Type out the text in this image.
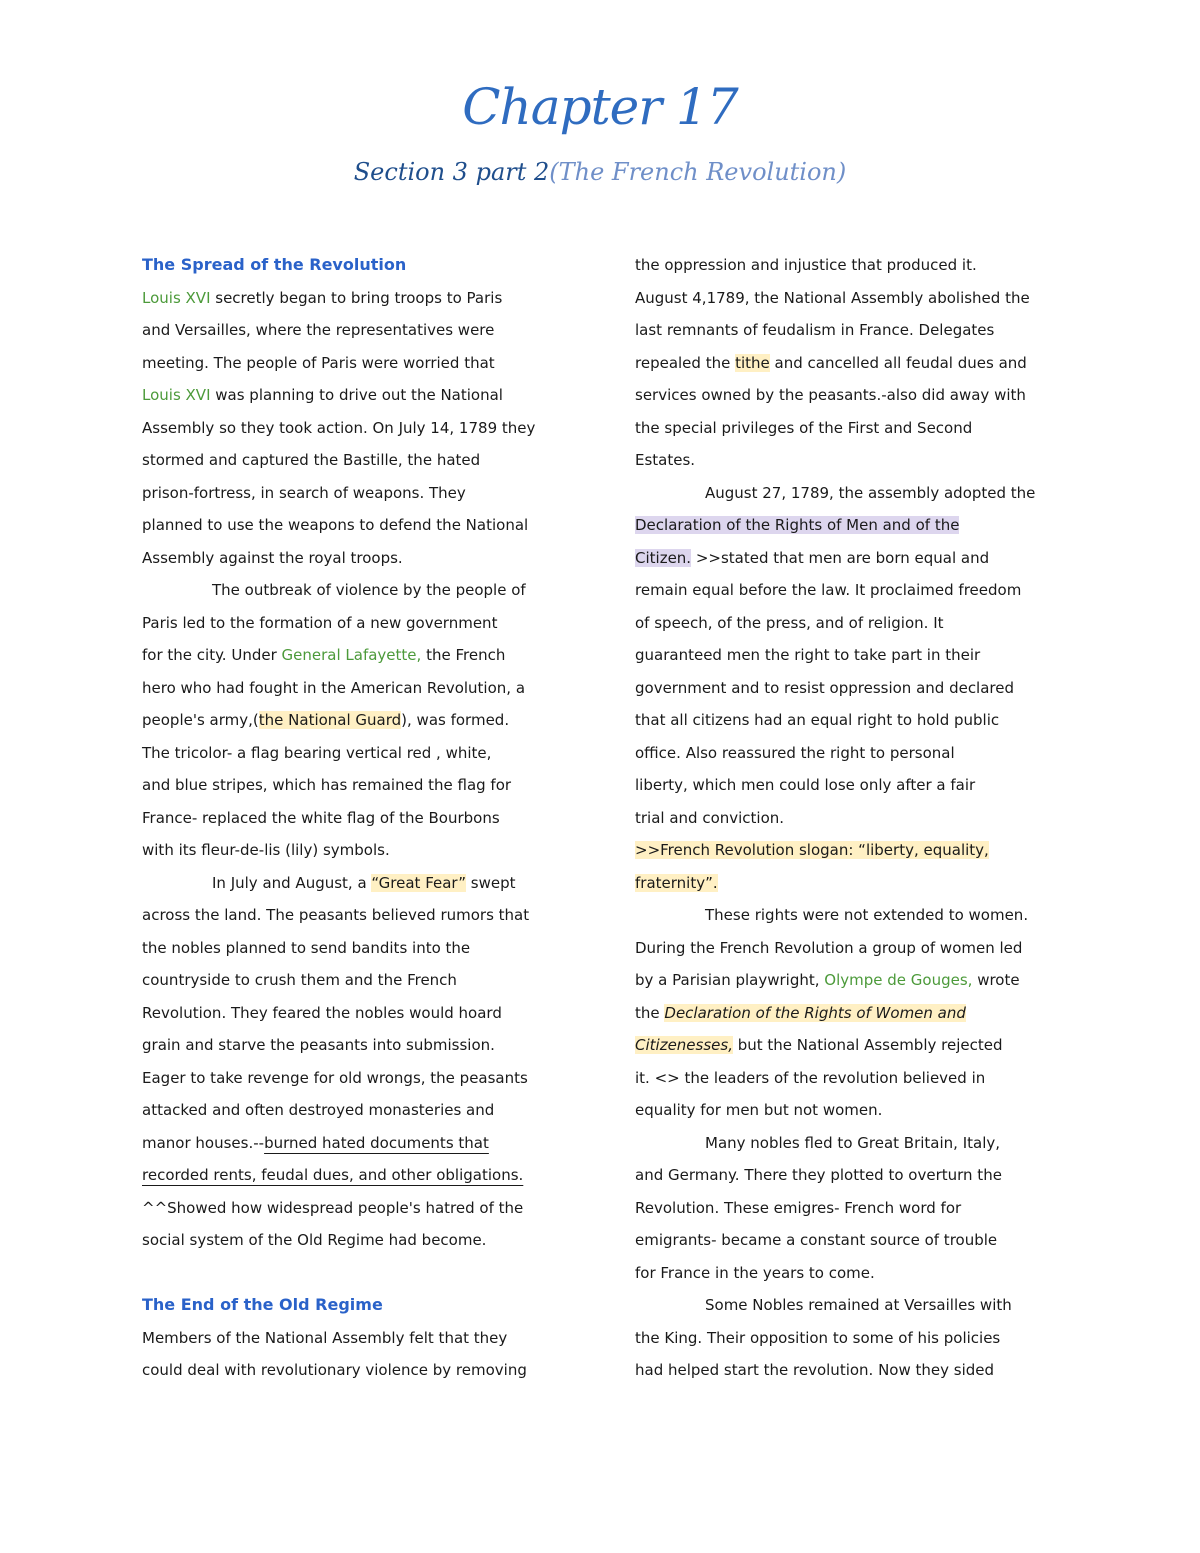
Chapter 17
Section 3 part 2(The French Revolution)
The Spread of the Revolution
Louis XVI secretly began to bring troops to Paris
and Versailles, where the representatives were
meeting. The people of Paris were worried that
Louis XVI was planning to drive out the National
Assembly so they took action. On July 14, 1789 they
stormed and captured the Bastille, the hated
prison-fortress, in search of weapons. They
planned to use the weapons to defend the National
Assembly against the royal troops.
The outbreak of violence by the people of
Paris led to the formation of a new government
for the city. Under General Lafayette, the French
hero who had fought in the American Revolution, a
people's army,(the National Guard), was formed.
The tricolor- a flag bearing vertical red , white,
and blue stripes, which has remained the flag for
France- replaced the white flag of the Bourbons
with its fleur-de-lis (lily) symbols.
In July and August, a “Great Fear” swept
across the land. The peasants believed rumors that
the nobles planned to send bandits into the
countryside to crush them and the French
Revolution. They feared the nobles would hoard
grain and starve the peasants into submission.
Eager to take revenge for old wrongs, the peasants
attacked and often destroyed monasteries and
manor houses.--burned hated documents that
recorded rents, feudal dues, and other obligations.
^^Showed how widespread people's hatred of the
social system of the Old Regime had become.
The End of the Old Regime
Members of the National Assembly felt that they
could deal with revolutionary violence by removing
the oppression and injustice that produced it.
August 4,1789, the National Assembly abolished the
last remnants of feudalism in France. Delegates
repealed the tithe and cancelled all feudal dues and
services owned by the peasants.-also did away with
the special privileges of the First and Second
Estates.
August 27, 1789, the assembly adopted the
Declaration of the Rights of Men and of the
Citizen. >>stated that men are born equal and
remain equal before the law. It proclaimed freedom
of speech, of the press, and of religion. It
guaranteed men the right to take part in their
government and to resist oppression and declared
that all citizens had an equal right to hold public
office. Also reassured the right to personal
liberty, which men could lose only after a fair
trial and conviction.
>>French Revolution slogan: “liberty, equality,
fraternity”.
These rights were not extended to women.
During the French Revolution a group of women led
by a Parisian playwright, Olympe de Gouges, wrote
the Declaration of the Rights of Women and
Citizenesses, but the National Assembly rejected
it. <> the leaders of the revolution believed in
equality for men but not women.
Many nobles fled to Great Britain, Italy,
and Germany. There they plotted to overturn the
Revolution. These emigres- French word for
emigrants- became a constant source of trouble
for France in the years to come.
Some Nobles remained at Versailles with
the King. Their opposition to some of his policies
had helped start the revolution. Now they sided
